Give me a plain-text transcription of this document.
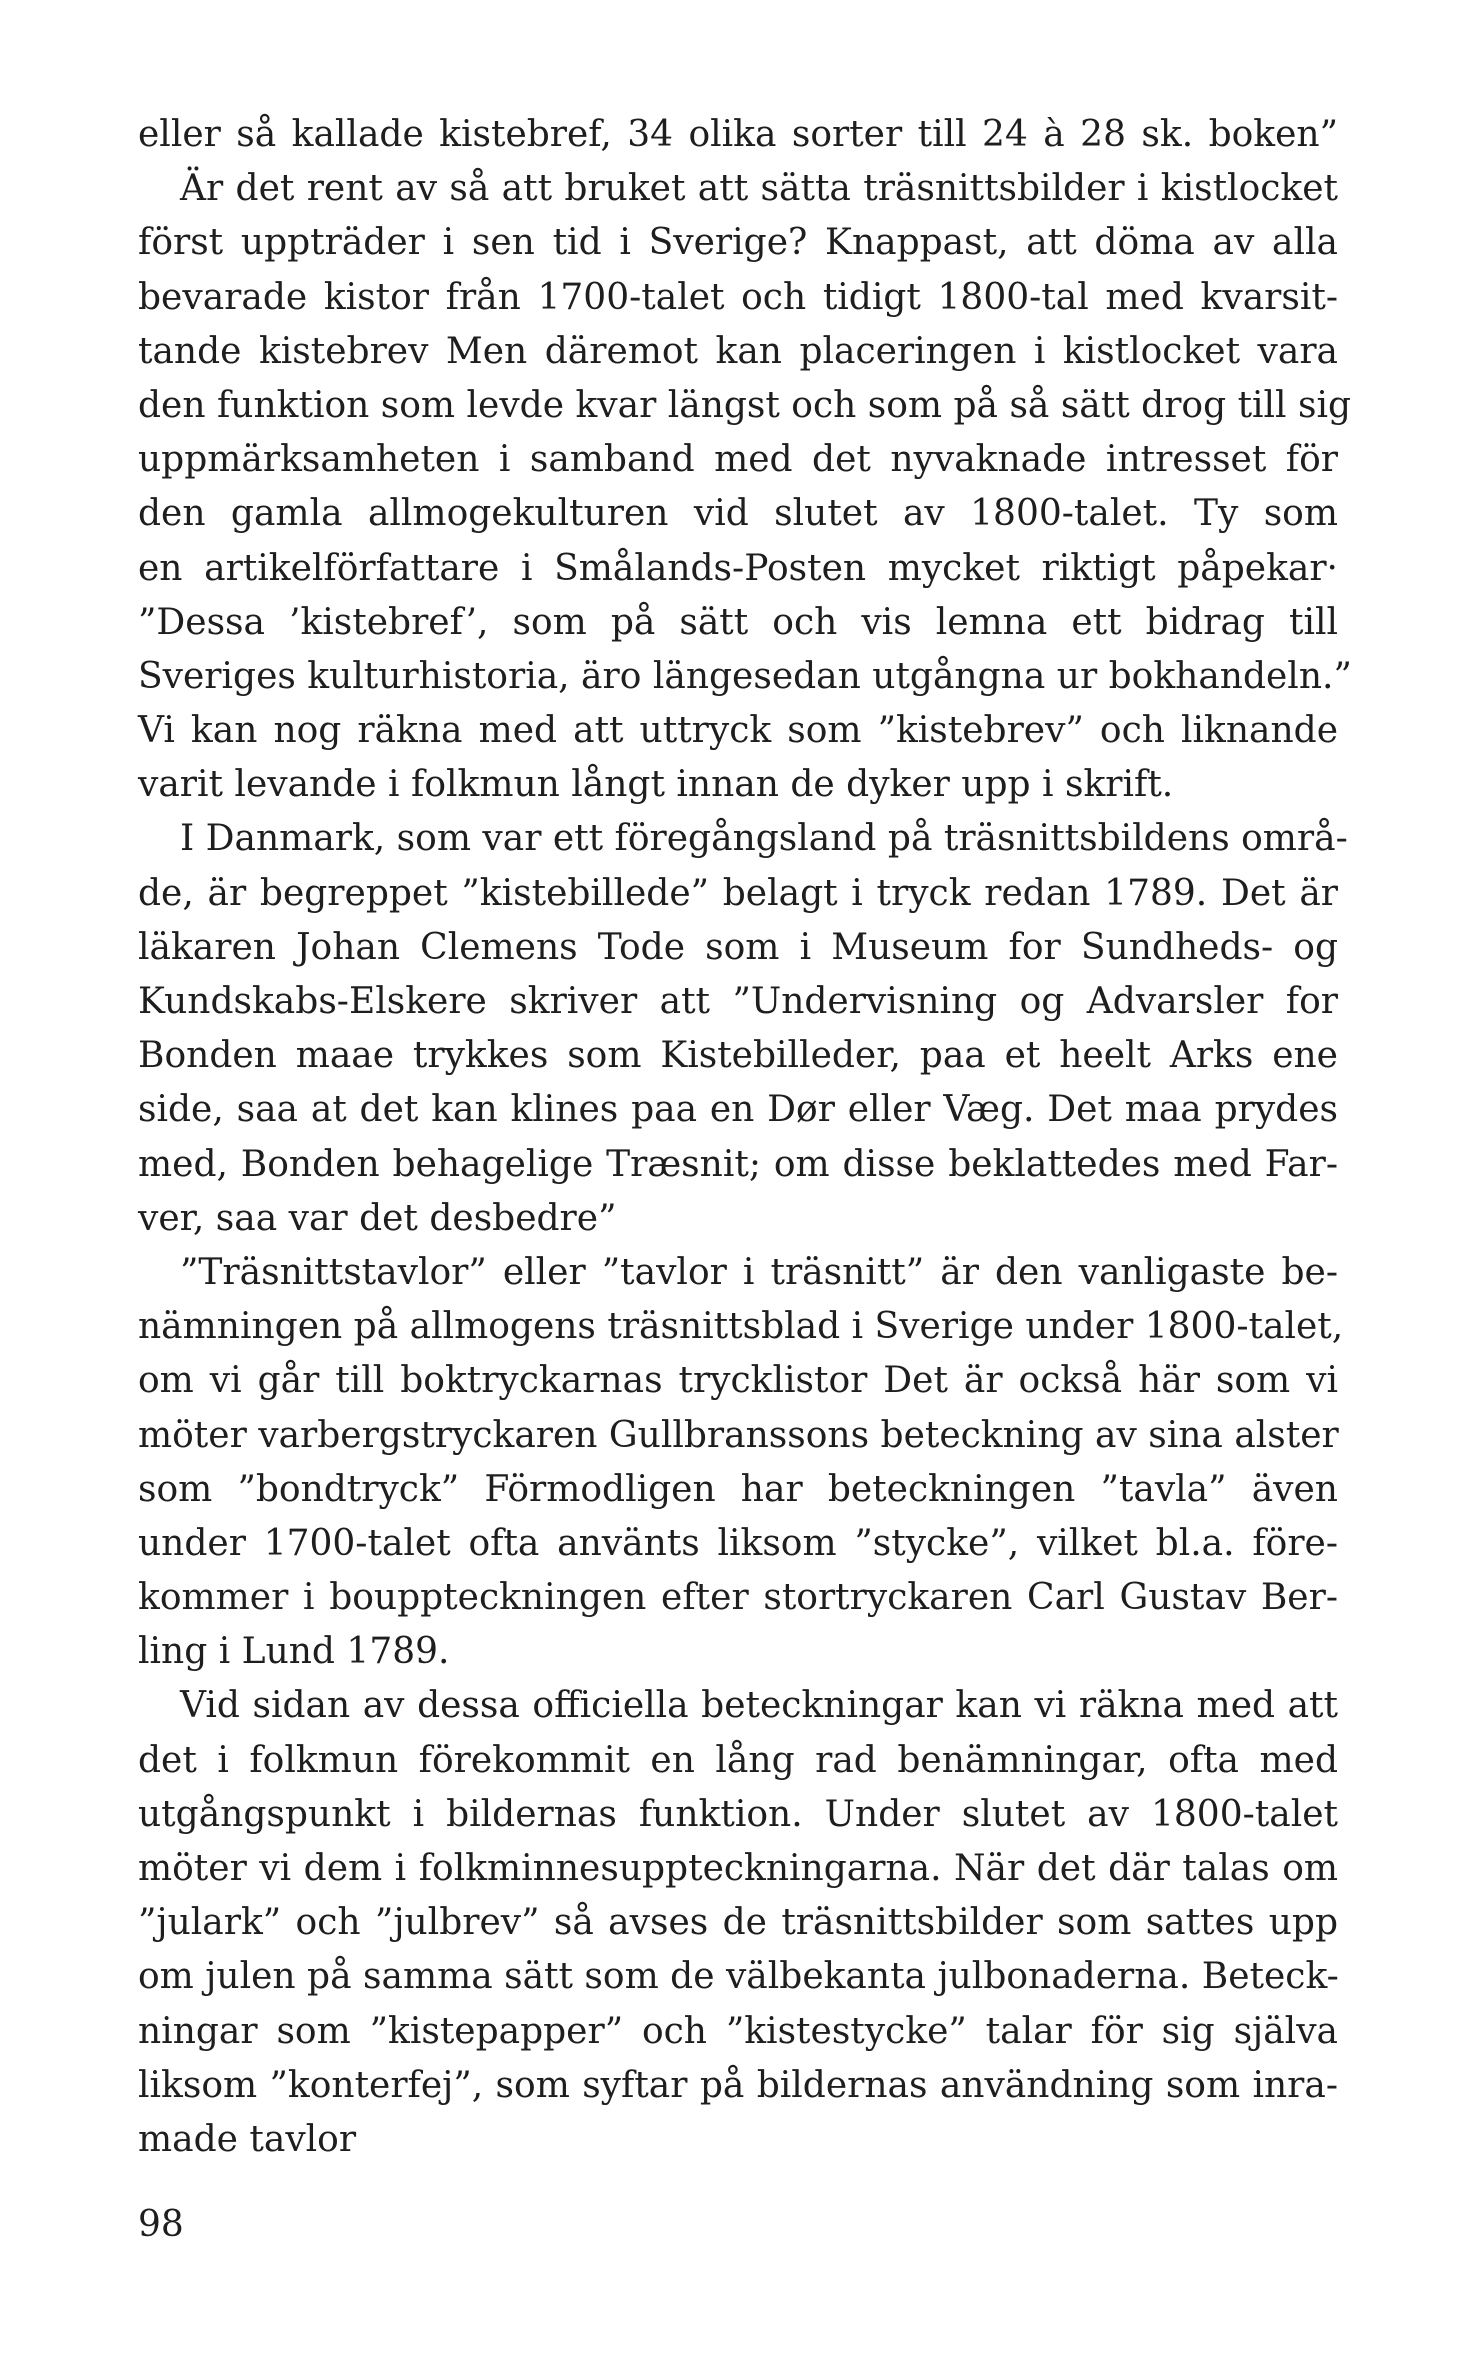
eller så kallade kistebref, 34 olika sorter till 24 à 28 sk. boken”
Är det rent av så att bruket att sätta träsnittsbilder i kistlocket
först uppträder i sen tid i Sverige? Knappast, att döma av alla
bevarade kistor från 1700-talet och tidigt 1800-tal med kvarsit-
tande kistebrev Men däremot kan placeringen i kistlocket vara
den funktion som levde kvar längst och som på så sätt drog till sig
uppmärksamheten i samband med det nyvaknade intresset för
den gamla allmogekulturen vid slutet av 1800-talet. Ty som
en artikelförfattare i Smålands-Posten mycket riktigt påpekar·
”Dessa ’kistebref’, som på sätt och vis lemna ett bidrag till
Sveriges kulturhistoria, äro längesedan utgångna ur bokhandeln.”
Vi kan nog räkna med att uttryck som ”kistebrev” och liknande
varit levande i folkmun långt innan de dyker upp i skrift.
I Danmark, som var ett föregångsland på träsnittsbildens områ-
de, är begreppet ”kistebillede” belagt i tryck redan 1789. Det är
läkaren Johan Clemens Tode som i Museum for Sundheds- og
Kundskabs-Elskere skriver att ”Undervisning og Advarsler for
Bonden maae trykkes som Kistebilleder, paa et heelt Arks ene
side, saa at det kan klines paa en Dør eller Væg. Det maa prydes
med, Bonden behagelige Træsnit; om disse beklattedes med Far-
ver, saa var det desbedre”
”Träsnittstavlor” eller ”tavlor i träsnitt” är den vanligaste be-
nämningen på allmogens träsnittsblad i Sverige under 1800-talet,
om vi går till boktryckarnas trycklistor Det är också här som vi
möter varbergstryckaren Gullbranssons beteckning av sina alster
som ”bondtryck” Förmodligen har beteckningen ”tavla” även
under 1700-talet ofta använts liksom ”stycke”, vilket bl.a. före-
kommer i bouppteckningen efter stortryckaren Carl Gustav Ber-
ling i Lund 1789.
Vid sidan av dessa officiella beteckningar kan vi räkna med att
det i folkmun förekommit en lång rad benämningar, ofta med
utgångspunkt i bildernas funktion. Under slutet av 1800-talet
möter vi dem i folkminnesuppteckningarna. När det där talas om
”julark” och ”julbrev” så avses de träsnittsbilder som sattes upp
om julen på samma sätt som de välbekanta julbonaderna. Beteck-
ningar som ”kistepapper” och ”kistestycke” talar för sig själva
liksom ”konterfej”, som syftar på bildernas användning som inra-
made tavlor
98
